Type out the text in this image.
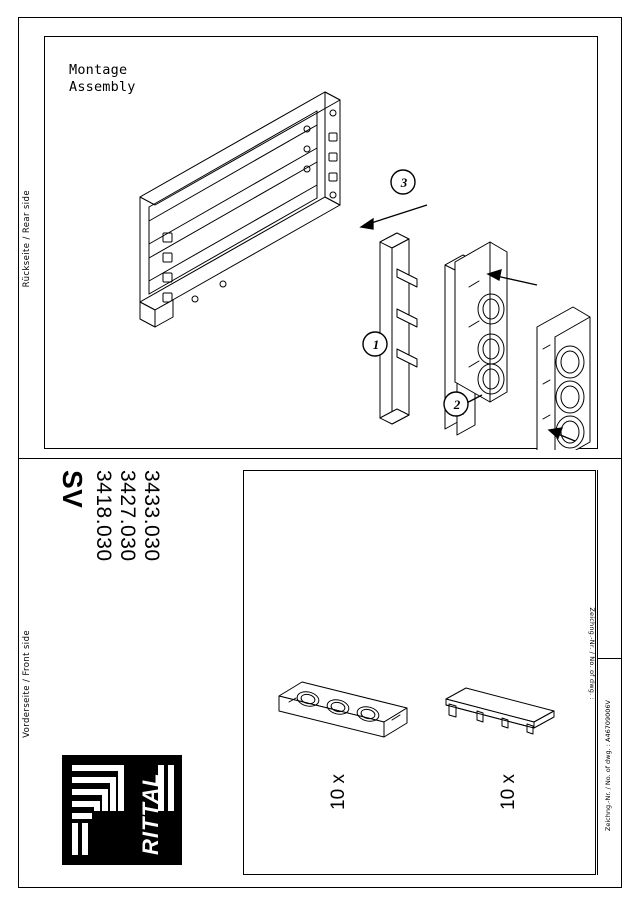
Rückseite / Rear side
Vorderseite / Front side
Montage
Assembly
3
1
2
SV 3418.030 3427.030 3433.030
10 x	10 x
RITTAL
Zeichng.-Nr. / No. of dwg. :
Zeichng.-Nr. / No. of dwg. : A46709006V
